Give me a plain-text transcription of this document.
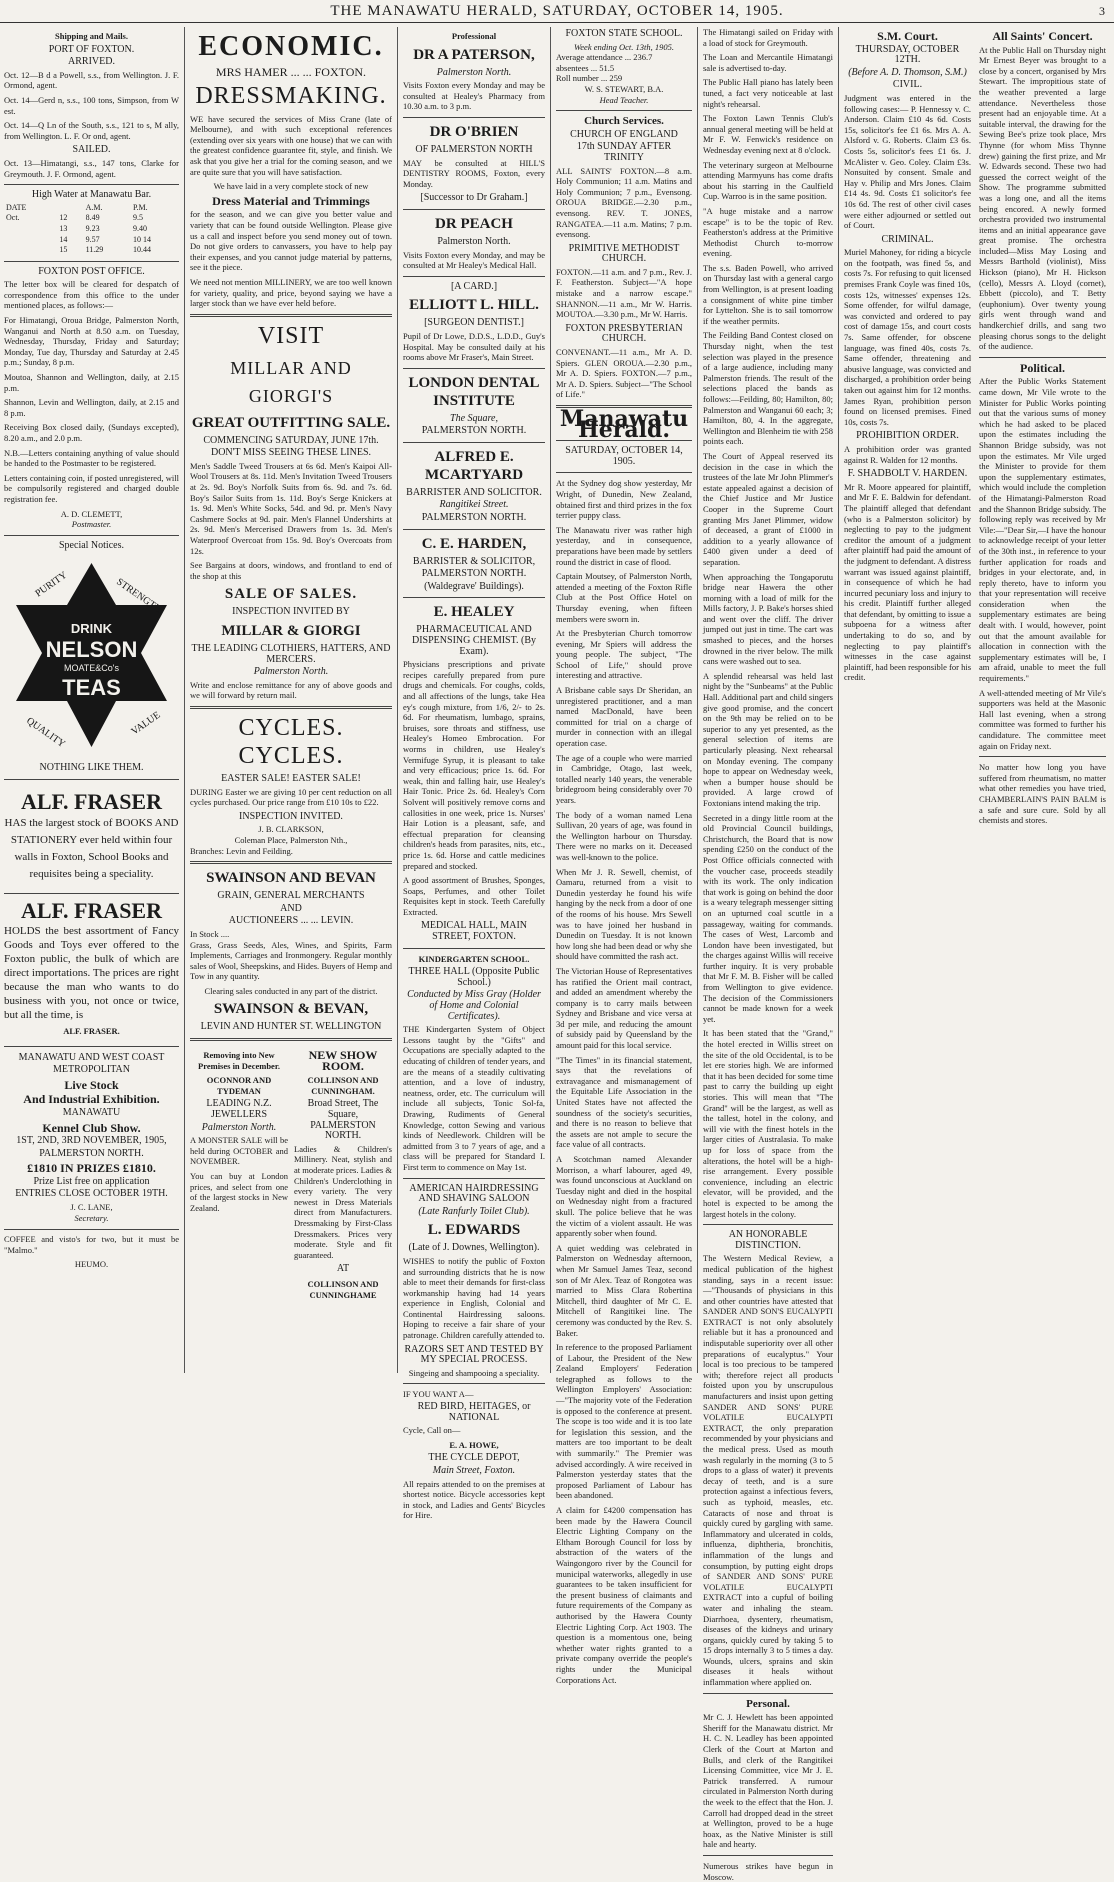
THE MANAWATU HERALD, SATURDAY, OCTOBER 14, 1905.	3
Shipping and Mails.
PORT OF FOXTON.
ARRIVED.

Oct. 12—B d a Powell, s.s., from Wellington. J. F. Ormond, agent.

Oct. 14—Gerd n, s.s., 100 tons, Simpson, from W est.

Oct. 14—Q Ln of the South, s.s., 121 to s, M ally, from Wellington. L. F. Or ond, agent.

SAILED.

Oct. 13—Himatangi, s.s., 147 tons, Clarke for Greymouth. J. F. Ormond, agent.

High Water at Manawatu Bar.
DATE		A.M.	P.M.
Oct.	12	8.49	9.5
	13	9.23	9.40
	14	9.57	10 14
	15	11.29	10.44
FOXTON POST OFFICE.

The letter box will be cleared for despatch of correspondence from this office to the under mentioned places, as follows:—

For Himatangi, Oroua Bridge, Palmerston North, Wanganui and North at 8.50 a.m. on Tuesday, Wednesday, Thursday, Friday and Saturday; Monday, Tue day, Thursday and Saturday at 2.45 p.m.; Sunday, 8 p.m.

Moutoa, Shannon and Wellington, daily, at 2.15 p.m.

Shannon, Levin and Wellington, daily, at 2.15 and 8 p.m.

Receiving Box closed daily, (Sundays excepted), 8.20 a.m., and 2.0 p.m.

N.B.—Letters containing anything of value should be handed to the Postmaster to be registered.

Letters containing coin, if posted unregistered, will be compulsorily registered and charged double registration fee.

A. D. CLEMETT,
Postmaster.
Special Notices.
PURITY	STRENGTH
DRINK
NELSON
MOATE&Co's
TEAS
QUALITY	VALUE
NOTHING LIKE THEM.
ALF. FRASER

HAS the largest stock of BOOKS AND STATIONERY ever held within four walls in Foxton, School Books and requisites being a speciality.

ALF. FRASER

HOLDS the best assortment of Fancy Goods and Toys ever offered to the Foxton public, the bulk of which are direct importations. The prices are right because the man who wants to do business with you, not once or twice, but all the time, is

ALF. FRASER.
MANAWATU AND WEST COAST
METROPOLITAN
Live Stock
And Industrial Exhibition.
MANAWATU
Kennel Club Show.
1ST, 2ND, 3RD NOVEMBER, 1905,
PALMERSTON NORTH.
£1810 IN PRIZES £1810.
Prize List free on application
ENTRIES CLOSE OCTOBER 19TH.
J. C. LANE,
Secretary.

COFFEE and visto's for two, but it must be "Malmo."

HEUMO.
ECONOMIC.
MRS HAMER ... ... FOXTON.
DRESSMAKING.

WE have secured the services of Miss Crane (late of Melbourne), and with such exceptional references (extending over six years with one house) that we can with the greatest confidence guarantee fit, style, and finish. We ask that you give her a trial for the coming season, and we are quite sure that you will have satisfaction.

We have laid in a very complete stock of new
Dress Material and Trimmings

for the season, and we can give you better value and variety that can be found outside Wellington. Please give us a call and inspect before you send money out of town. Do not give orders to canvassers, you have to help pay their expenses, and you cannot judge material by patterns, see it the piece.

We need not mention MILLINERY, we are too well known for variety, quality, and price, beyond saying we have a larger stock than we have ever held before.

VISIT
MILLAR AND GIORGI'S
GREAT OUTFITTING SALE.
COMMENCING SATURDAY, JUNE 17th.
DON'T MISS SEEING THESE LINES.

Men's Saddle Tweed Trousers at 6s 6d. Men's Kaipoi All-Wool Trousers at 8s. 11d. Men's Invitation Tweed Trousers at 2s. 9d. Boy's Norfolk Suits from 6s. 9d. and 7s. 6d. Boy's Sailor Suits from 1s. 11d. Boy's Serge Knickers at 1s. 9d. Men's White Socks, 54d. and 9d. pr. Men's Navy Cashmere Socks at 9d. pair. Men's Flannel Undershirts at 2s. 9d. Men's Mercerised Drawers from 1s. 3d. Men's Waterproof Overcoat from 15s. 9d. Boy's Overcoats from 12s.

See Bargains at doors, windows, and frontland to end of the shop at this

SALE OF SALES.
INSPECTION INVITED BY
MILLAR & GIORGI
THE LEADING CLOTHIERS, HATTERS, AND MERCERS.
Palmerston North.

Write and enclose remittance for any of above goods and we will forward by return mail.

CYCLES. CYCLES.
EASTER SALE! EASTER SALE!

DURING Easter we are giving 10 per cent reduction on all cycles purchased. Our price range from £10 10s to £22.

INSPECTION INVITED.
J. B. CLARKSON,
Coleman Place, Palmerston Nth.,
Branches: Levin and Feilding.
SWAINSON AND BEVAN
GRAIN, GENERAL MERCHANTS
AND
AUCTIONEERS ... ... LEVIN.
In Stock ....

Grass, Grass Seeds, Ales, Wines, and Spirits, Farm Implements, Carriages and Ironmongery. Regular monthly sales of Wool, Sheepskins, and Hides. Buyers of Hemp and Tow in any quantity.

Clearing sales conducted in any part of the district.
SWAINSON & BEVAN,
LEVIN AND HUNTER ST. WELLINGTON
Removing into New Premises in December.
OCONNOR AND TYDEMAN
LEADING N.Z. JEWELLERS
Palmerston North.

A MONSTER SALE will be held during OCTOBER and NOVEMBER.

You can buy at London prices, and select from one of the largest stocks in New Zealand.

NEW SHOW ROOM.
COLLINSON AND CUNNINGHAM.
Broad Street, The Square, PALMERSTON NORTH.

Ladies & Children's Millinery. Neat, stylish and at moderate prices. Ladies & Children's Underclothing in every variety. The very newest in Dress Materials direct from Manufacturers. Dressmaking by First-Class Dressmakers. Prices very moderate. Style and fit guaranteed.

AT
COLLINSON AND CUNNINGHAME
Professional
DR A PATERSON,
Palmerston North.

Visits Foxton every Monday and may be consulted at Healey's Pharmacy from 10.30 a.m. to 3 p.m.

DR O'BRIEN
OF PALMERSTON NORTH

MAY be consulted at HILL'S DENTISTRY ROOMS, Foxton, every Monday.

[Successor to Dr Graham.]
DR PEACH
Palmerston North.

Visits Foxton every Monday, and may be consulted at Mr Healey's Medical Hall.

[A CARD.]
ELLIOTT L. HILL.
[SURGEON DENTIST.]

Pupil of Dr Lowe, D.D.S., L.D.D., Guy's Hospital. May be consulted daily at his rooms above Mr Fraser's, Main Street.

LONDON DENTAL INSTITUTE
The Square,
PALMERSTON NORTH.
ALFRED E. MCARTYARD
BARRISTER AND SOLICITOR.
Rangitikei Street.
PALMERSTON NORTH.
C. E. HARDEN,
BARRISTER & SOLICITOR,
PALMERSTON NORTH.
(Waldegrave' Buildings).
E. HEALEY
PHARMACEUTICAL AND DISPENSING CHEMIST. (By Exam).

Physicians prescriptions and private recipes carefully prepared from pure drugs and chemicals. For coughs, colds, and all affections of the lungs, take Hea ey's cough mixture, from 1/6, 2/- to 2s. 6d. For rheumatism, lumbago, sprains, bruises, sore throats and stiffness, use Healey's Homeo Embrocation. For worms in children, use Healey's Vermifuge Syrup, it is pleasant to take and very efficacious; price 1s. 6d. For weak, thin and falling hair, use Healey's Hair Tonic. Price 2s. 6d. Healey's Corn Solvent will positively remove corns and callosities in one week, price 1s. Nurses' Hair Lotion is a pleasant, safe, and effectual preparation for cleansing children's heads from parasites, nits, etc., price 1s. 6d. Horse and cattle medicines prepared and stocked.

A good assortment of Brushes, Sponges, Soaps, Perfumes, and other Toilet Requisites kept in stock. Teeth Carefully Extracted.

MEDICAL HALL, MAIN STREET, FOXTON.
KINDERGARTEN SCHOOL.
THREE HALL (Opposite Public School.)
Conducted by Miss Gray (Holder of Home and Colonial Certificates).

THE Kindergarten System of Object Lessons taught by the "Gifts" and Occupations are specially adapted to the educating of children of tender years, and are the means of a steadily cultivating attention, and a love of industry, neatness, order, etc. The curriculum will include all subjects, Tonic Sol-fa, Drawing, Rudiments of General Knowledge, cotton Sewing and various kinds of Needlework. Children will be admitted from 3 to 7 years of age, and a class will be prepared for Standard I. First term to commence on May 1st.

AMERICAN HAIRDRESSING AND SHAVING SALOON
(Late Ranfurly Toilet Club).
L. EDWARDS
(Late of J. Downes, Wellington).

WISHES to notify the public of Foxton and surrounding districts that he is now able to meet their demands for first-class workmanship having had 14 years experience in English, Colonial and Continental Hairdressing saloons. Hoping to receive a fair share of your patronage. Children carefully attended to.

RAZORS SET AND TESTED BY MY SPECIAL PROCESS.
Singeing and shampooing a speciality.
IF YOU WANT A—
RED BIRD, HEITAGES, or NATIONAL
Cycle, Call on—
E. A. HOWE,
THE CYCLE DEPOT,
Main Street, Foxton.

All repairs attended to on the premises at shortest notice. Bicycle accessories kept in stock, and Ladies and Gents' Bicycles for Hire.

FOXTON STATE SCHOOL.
Week ending Oct. 13th, 1905.
Average attendance ... 236.7
absentees ... 51.5
Roll number ... 259
W. S. STEWART, B.A.
Head Teacher.
Church Services.
CHURCH OF ENGLAND
17th SUNDAY AFTER TRINITY

ALL SAINTS' FOXTON.—8 a.m. Holy Communion; 11 a.m. Matins and Holy Communion; 7 p.m., Evensong. OROUA BRIDGE.—2.30 p.m., evensong. REV. T. JONES, RANGATEA.—11 a.m. Matins; 7 p.m. evensong.

PRIMITIVE METHODIST CHURCH.

FOXTON.—11 a.m. and 7 p.m., Rev. J. F. Featherston. Subject—"A hope mistake and a narrow escape." SHANNON.—11 a.m., Mr W. Harris. MOUTOA.—3.30 p.m., Mr W. Harris.

FOXTON PRESBYTERIAN CHURCH.

CONVENANT.—11 a.m., Mr A. D. Spiers. GLEN OROUA.—2.30 p.m., Mr A. D. Spiers. FOXTON.—7 p.m., Mr A. D. Spiers. Subject—"The School of Life."

Manawatu Herald.
SATURDAY, OCTOBER 14, 1905.

At the Sydney dog show yesterday, Mr Wright, of Dunedin, New Zealand, obtained first and third prizes in the fox terrier puppy class.

The Manawatu river was rather high yesterday, and in consequence, preparations have been made by settlers round the district in case of flood.

Captain Moutsey, of Palmerston North, attended a meeting of the Foxton Rifle Club at the Post Office Hotel on Thursday evening, when fifteen members were sworn in.

At the Presbyterian Church tomorrow evening, Mr Spiers will address the young people. The subject, "The School of Life," should prove interesting and attractive.

A Brisbane cable says Dr Sheridan, an unregistered practitioner, and a man named MacDonald, have been committed for trial on a charge of murder in connection with an illegal operation case.

The age of a couple who were married in Cambridge, Otago, last week, totalled nearly 140 years, the venerable bridegroom being considerably over 70 years.

The body of a woman named Lena Sullivan, 20 years of age, was found in the Wellington harbour on Thursday. There were no marks on it. Deceased was well-known to the police.

When Mr J. R. Sewell, chemist, of Oamaru, returned from a visit to Dunedin yesterday he found his wife hanging by the neck from a door of one of the rooms of his house. Mrs Sewell was to have joined her husband in Dunedin on Tuesday. It is not known how long she had been dead or why she should have committed the rash act.

The Victorian House of Representatives has ratified the Orient mail contract, and added an amendment whereby the company is to carry mails between Sydney and Brisbane and vice versa at 3d per mile, and reducing the amount of subsidy paid by Queensland by the amount paid for this local service.

"The Times" in its financial statement, says that the revelations of extravagance and mismanagement of the Equitable Life Association in the United States have not affected the soundness of the society's securities, and there is no reason to believe that the assets are not ample to secure the face value of all contracts.

A Scotchman named Alexander Morrison, a wharf labourer, aged 49, was found unconscious at Auckland on Tuesday night and died in the hospital on Wednesday night from a fractured skull. The police believe that he was the victim of a violent assault. He was apparently sober when found.

A quiet wedding was celebrated in Palmerston on Wednesday afternoon, when Mr Samuel James Teaz, second son of Mr Alex. Teaz of Rongotea was married to Miss Clara Robertina Mitchell, third daughter of Mr C. E. Mitchell of Rangitikei line. The ceremony was conducted by the Rev. S. Baker.

In reference to the proposed Parliament of Labour, the President of the New Zealand Employers' Federation telegraphed as follows to the Wellington Employers' Association:—"The majority vote of the Federation is opposed to the conference at present. The scope is too wide and it is too late for legislation this session, and the matters are too important to be dealt with summarily." The Premier was advised accordingly. A wire received in Palmerston yesterday states that the proposed Parliament of Labour has been abandoned.

A claim for £4200 compensation has been made by the Hawera Council Electric Lighting Company on the Eltham Borough Council for loss by abstraction of the waters of the Waingongoro river by the Council for municipal waterworks, allegedly in use guarantees to be taken insufficient for the present business of claimants and future requirements of the Company as authorised by the Hawera County Electric Lighting Corp. Act 1903. The question is a momentous one, being whether water rights granted to a private company override the people's rights under the Municipal Corporations Act.

The Himatangi sailed on Friday with a load of stock for Greymouth.

The Loan and Mercantile Himatangi sale is advertised to-day.

The Public Hall piano has lately been tuned, a fact very noticeable at last night's rehearsal.

The Foxton Lawn Tennis Club's annual general meeting will be held at Mr F. W. Fenwick's residence on Wednesday evening next at 8 o'clock.

The veterinary surgeon at Melbourne attending Marmyuns has come drafts about his starring in the Caulfield Cup. Warroo is in the same position.

"A huge mistake and a narrow escape" is to be the topic of Rev. Featherston's address at the Primitive Methodist Church to-morrow evening.

The s.s. Baden Powell, who arrived on Thursday last with a general cargo from Wellington, is at present loading a consignment of white pine timber for Lyttelton. She is to sail tomorrow if the weather permits.

The Feilding Band Contest closed on Thursday night, when the test selection was played in the presence of a large audience, including many Palmerston friends. The result of the selections placed the bands as follows:—Feilding, 80; Hamilton, 80; Palmerston and Wanganui 60 each; 3; Hamilton, 80, 4. In the aggregate, Wellington and Blenheim tie with 258 points each.

The Court of Appeal reserved its decision in the case in which the trustees of the late Mr John Plimmer's estate appealed against a decision of the Chief Justice and Mr Justice Cooper in the Supreme Court granting Mrs Janet Plimmer, widow of deceased, a grant of £1000 in addition to a yearly allowance of £400 given under a deed of separation.

When approaching the Tongaporutu bridge near Hawera the other morning with a load of milk for the Mills factory, J. P. Bake's horses shied and went over the cliff. The driver jumped out just in time. The cart was smashed to pieces, and the horses drowned in the river below. The milk cans were washed out to sea.

A splendid rehearsal was held last night by the "Sunbeams" at the Public Hall. Additional part and child singers give good promise, and the concert on the 9th may be relied on to be superior to any yet presented, as the general selection of items are particularly pleasing. Next rehearsal on Monday evening. The company hope to appear on Wednesday week, when a bumper house should be provided. A large crowd of Foxtonians intend making the trip.

Secreted in a dingy little room at the old Provincial Council buildings, Christchurch, the Board that is now spending £250 on the conduct of the Post Office officials connected with the voucher case, proceeds steadily with its work. The only indication that work is going on behind the door is a weary telegraph messenger sitting on an upturned coal scuttle in a passageway, waiting for commands. The cases of West, Larcomb and London have been investigated, but the charges against Willis will receive further inquiry. It is very probable that Mr F. M. B. Fisher will be called from Wellington to give evidence. The decision of the Commissioners cannot be made known for a week yet.

It has been stated that the "Grand," the hotel erected in Willis street on the site of the old Occidental, is to be let ere stories high. We are informed that it has been decided for some time past to carry the building up eight stories. This will mean that "The Grand" will be the largest, as well as the tallest, hotel in the colony, and will vie with the finest hotels in the larger cities of Australasia. To make up for loss of space from the alterations, the hotel will be a high-rise arrangement. Every possible convenience, including an electric elevator, will be provided, and the hotel is expected to be among the largest hotels in the colony.

AN HONORABLE DISTINCTION.

The Western Medical Review, a medical publication of the highest standing, says in a recent issue:—"Thousands of physicians in this and other countries have attested that SANDER AND SON'S EUCALYPTI EXTRACT is not only absolutely reliable but it has a pronounced and indisputable superiority over all other preparations of eucalyptus." Your local is too precious to be tampered with; therefore reject all products foisted upon you by unscrupulous manufacturers and insist upon getting SANDER AND SONS' PURE VOLATILE EUCALYPTI EXTRACT, the only preparation recommended by your physicians and the medical press. Used as mouth wash regularly in the morning (3 to 5 drops to a glass of water) it prevents decay of teeth, and is a sure protection against a infectious fevers, such as typhoid, measles, etc. Cataracts of nose and throat is quickly cured by gargling with same. Inflammatory and ulcerated in colds, influenza, diphtheria, bronchitis, inflammation of the lungs and consumption, by putting eight drops of SANDER AND SONS' PURE VOLATILE EUCALYPTI EXTRACT into a cupful of boiling water and inhaling the steam. Diarrhoea, dysentery, rheumatism, diseases of the kidneys and urinary organs, quickly cured by taking 5 to 15 drops internally 3 to 5 times a day. Wounds, ulcers, sprains and skin diseases it heals without inflammation where applied on.

Personal.

Mr C. J. Hewlett has been appointed Sheriff for the Manawatu district. Mr H. C. N. Leadley has been appointed Clerk of the Court at Marton and Bulls, and clerk of the Rangitikei Licensing Committee, vice Mr J. E. Patrick transferred. A rumour circulated in Palmerston North during the week to the effect that the Hon. J. Carroll had dropped dead in the street at Wellington, proved to be a huge hoax, as the Native Minister is still hale and hearty.

Numerous strikes have begun in Moscow.

S.M. Court.
THURSDAY, OCTOBER 12TH.
(Before A. D. Thomson, S.M.)
CIVIL.

Judgment was entered in the following cases:— P. Hennessy v. C. Anderson. Claim £10 4s 6d. Costs 15s, solicitor's fee £1 6s. Mrs A. A. Alsford v. G. Roberts. Claim £3 6s. Costs 5s, solicitor's fees £1 6s. J. McAlister v. Geo. Coley. Claim £3s. Nonsuited by consent. Smale and Hay v. Philip and Mrs Jones. Claim £14 4s. 9d. Costs £1 solicitor's fee 10s 6d. The rest of other civil cases were either adjourned or settled out of Court.

CRIMINAL.

Muriel Mahoney, for riding a bicycle on the footpath, was fined 5s, and costs 7s. For refusing to quit licensed premises Frank Coyle was fined 10s, costs 12s, witnesses' expenses 12s. Some offender, for wilful damage, was convicted and ordered to pay cost of damage 15s, and court costs 7s. Same offender, for obscene language, was fined 40s, costs 7s. Same offender, threatening and abusive language, was convicted and discharged, a prohibition order being taken out against him for 12 months. James Ryan, prohibition person found on licensed premises. Fined 10s, costs 7s.

PROHIBITION ORDER.

A prohibition order was granted against R. Walden for 12 months.

F. SHADBOLT V. HARDEN.

Mr R. Moore appeared for plaintiff, and Mr F. E. Baldwin for defendant. The plaintiff alleged that defendant (who is a Palmerston solicitor) by neglecting to pay to the judgment creditor the amount of a judgment after plaintiff had paid the amount of the judgment to defendant. A distress warrant was issued against plaintiff, in consequence of which he had incurred pecuniary loss and injury to his credit. Plaintiff further alleged that defendant, by omitting to issue a subpoena for a witness after undertaking to do so, and by neglecting to pay plaintiff's witnesses in the case against plaintiff, had been responsible for his credit.

All Saints' Concert.

At the Public Hall on Thursday night Mr Ernest Beyer was brought to a close by a concert, organised by Mrs Stewart. The impropitious state of the weather prevented a large attendance. Nevertheless those present had an enjoyable time. At a suitable interval, the drawing for the Sewing Bee's prize took place, Mrs Thynne (for whom Miss Thynne drew) gaining the first prize, and Mr W. Edwards second. These two had guessed the correct weight of the Show. The programme submitted was a long one, and all the items being encored. A newly formed orchestra provided two instrumental items and an initial appearance gave great promise. The orchestra included—Miss May Losing and Messrs Barthold (violinist), Miss Hickson (piano), Mr H. Hickson (cello), Messrs A. Lloyd (cornet), Ebbett (piccolo), and T. Betty (euphonium). Over twenty young girls went through wand and handkerchief drills, and sang two pleasing chorus songs to the delight of the audience.

Political.

After the Public Works Statement came down, Mr Vile wrote to the Minister for Public Works pointing out that the various sums of money which he had asked to be placed upon the estimates including the Shannon Bridge subsidy, was not upon the estimates. Mr Vile urged the Minister to provide for them upon the supplementary estimates, which would include the completion of the Himatangi-Palmerston Road and the Shannon Bridge subsidy. The following reply was received by Mr Vile:—"Dear Sir,—I have the honour to acknowledge receipt of your letter of the 30th inst., in reference to your further application for roads and bridges in your electorate, and, in reply thereto, have to inform you that your representation will receive consideration when the supplementary estimates are being dealt with. I would, however, point out that the amount available for allocation in connection with the supplementary estimates will be, I am afraid, unable to meet the full requirements."

A well-attended meeting of Mr Vile's supporters was held at the Masonic Hall last evening, when a strong committee was formed to further his candidature. The committee meet again on Friday next.

No matter how long you have suffered from rheumatism, no matter what other remedies you have tried, CHAMBERLAIN'S PAIN BALM is a safe and sure cure. Sold by all chemists and stores.
